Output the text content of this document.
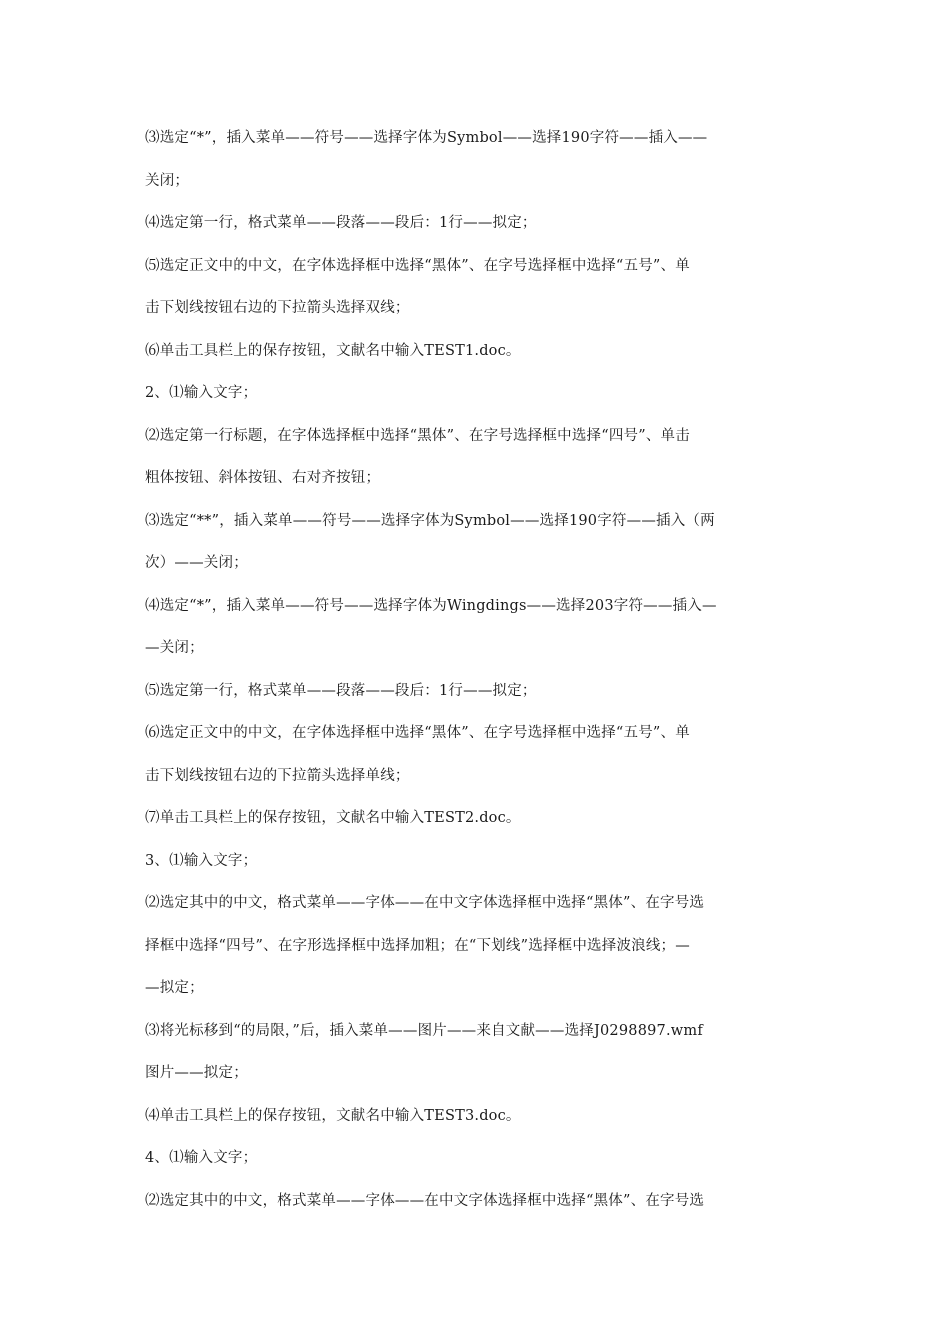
⑶选定“*”，插入菜单——符号——选择字体为Symbol——选择190字符——插入——
关闭；
⑷选定第一行，格式菜单——段落——段后：1行——拟定；
⑸选定正文中的中文，在字体选择框中选择“黑体”、在字号选择框中选择“五号”、单
击下划线按钮右边的下拉箭头选择双线；
⑹单击工具栏上的保存按钮，文献名中输入TEST1.doc。
2、⑴输入文字；
⑵选定第一行标题，在字体选择框中选择“黑体”、在字号选择框中选择“四号”、单击
粗体按钮、斜体按钮、右对齐按钮；
⑶选定“**”，插入菜单——符号——选择字体为Symbol——选择190字符——插入（两
次）——关闭；
⑷选定“*”，插入菜单——符号——选择字体为Wingdings——选择203字符——插入—
—关闭；
⑸选定第一行，格式菜单——段落——段后：1行——拟定；
⑹选定正文中的中文，在字体选择框中选择“黑体”、在字号选择框中选择“五号”、单
击下划线按钮右边的下拉箭头选择单线；
⑺单击工具栏上的保存按钮，文献名中输入TEST2.doc。
3、⑴输入文字；
⑵选定其中的中文，格式菜单——字体——在中文字体选择框中选择“黑体”、在字号选
择框中选择“四号”、在字形选择框中选择加粗；在“下划线”选择框中选择波浪线；—
—拟定；
⑶将光标移到“的局限，”后，插入菜单——图片——来自文献——选择J0298897.wmf
图片——拟定；
⑷单击工具栏上的保存按钮，文献名中输入TEST3.doc。
4、⑴输入文字；
⑵选定其中的中文，格式菜单——字体——在中文字体选择框中选择“黑体”、在字号选
